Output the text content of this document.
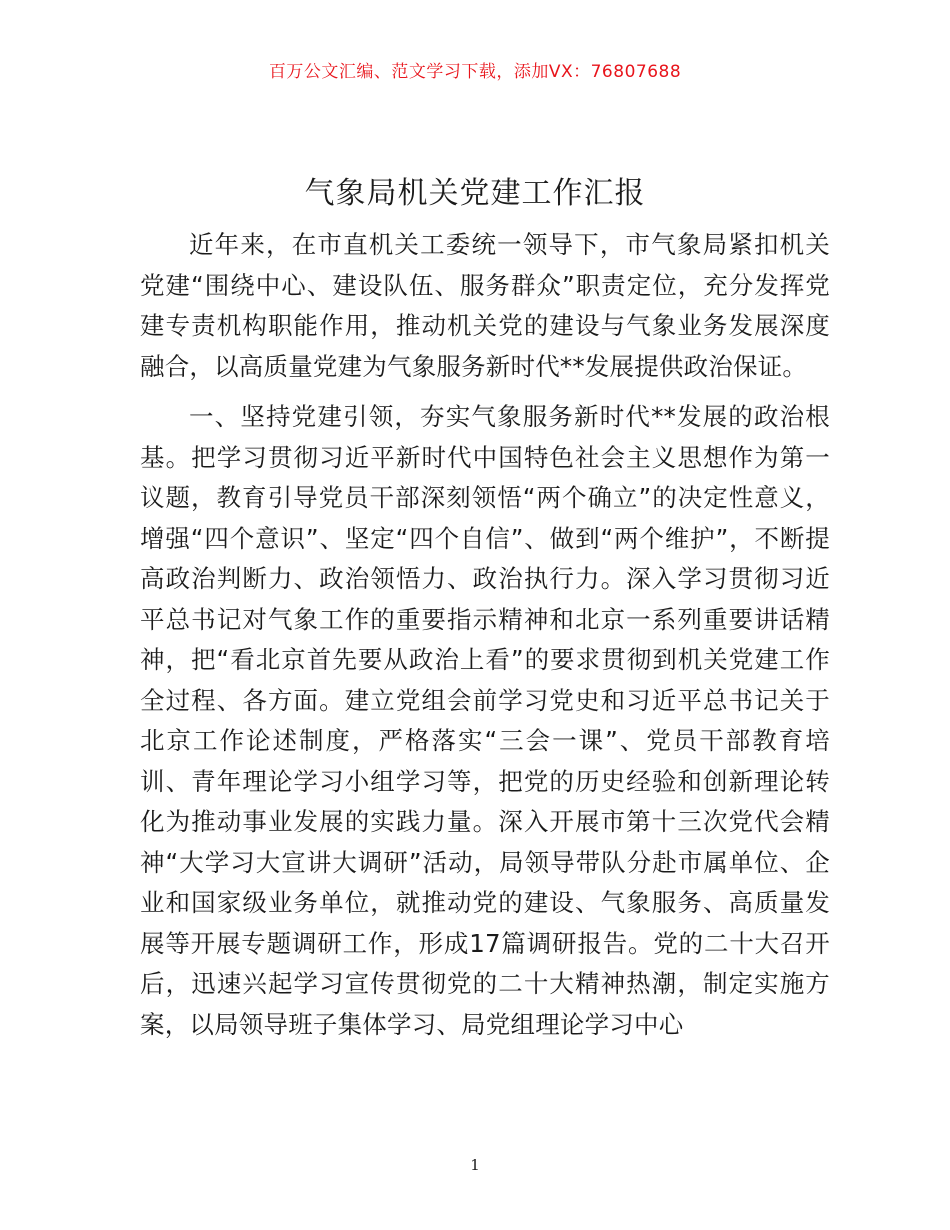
百万公文汇编、范文学习下载，添加VX：76807688
气象局机关党建工作汇报

近年来，在市直机关工委统一领导下，市气象局紧扣机关党建“围绕中心、建设队伍、服务群众”职责定位，充分发挥党建专责机构职能作用，推动机关党的建设与气象业务发展深度融合，以高质量党建为气象服务新时代**发展提供政治保证。

一、坚持党建引领，夯实气象服务新时代**发展的政治根基。把学习贯彻习近平新时代中国特色社会主义思想作为第一议题，教育引导党员干部深刻领悟“两个确立”的决定性意义，增强“四个意识”、坚定“四个自信”、做到“两个维护”，不断提高政治判断力、政治领悟力、政治执行力。深入学习贯彻习近平总书记对气象工作的重要指示精神和北京一系列重要讲话精神，把“看北京首先要从政治上看”的要求贯彻到机关党建工作全过程、各方面。建立党组会前学习党史和习近平总书记关于北京工作论述制度，严格落实“三会一课”、党员干部教育培训、青年理论学习小组学习等，把党的历史经验和创新理论转化为推动事业发展的实践力量。深入开展市第十三次党代会精神“大学习大宣讲大调研”活动，局领导带队分赴市属单位、企业和国家级业务单位，就推动党的建设、气象服务、高质量发展等开展专题调研工作，形成17篇调研报告。党的二十大召开后，迅速兴起学习宣传贯彻党的二十大精神热潮，制定实施方案，以局领导班子集体学习、局党组理论学习中心

1
